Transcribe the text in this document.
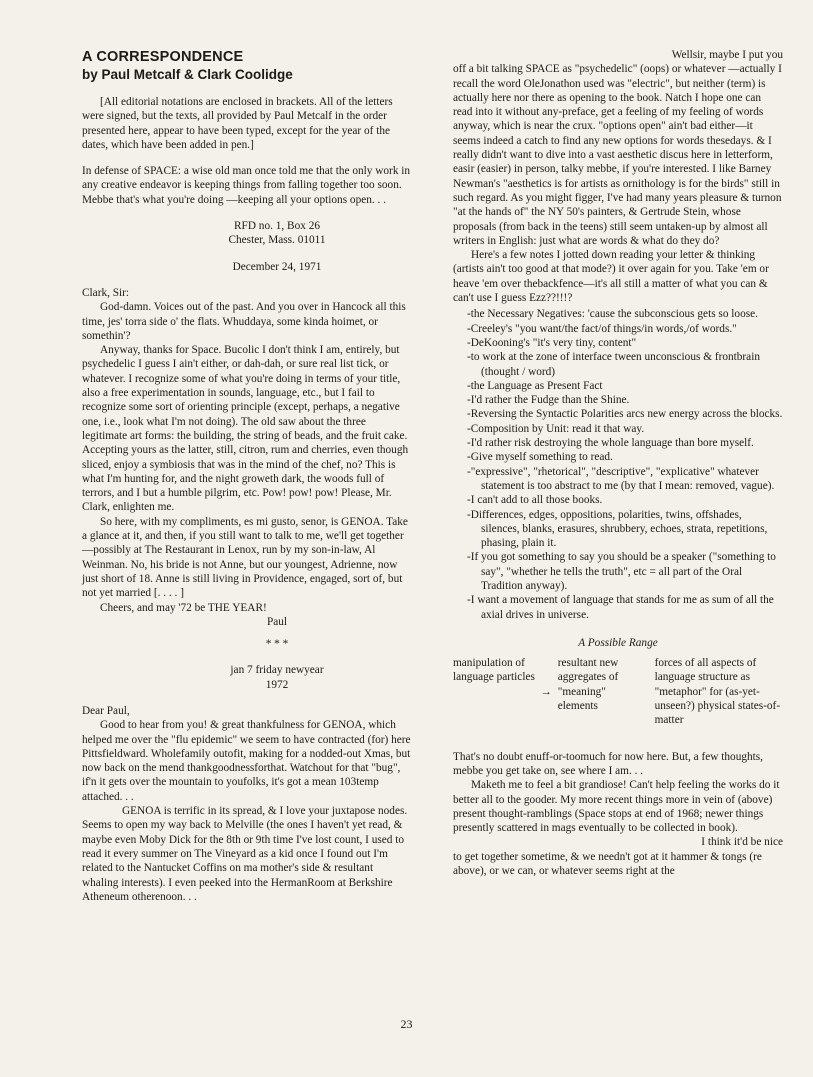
A CORRESPONDENCE
by Paul Metcalf & Clark Coolidge

[All editorial notations are enclosed in brackets. All of the letters were signed, but the texts, all provided by Paul Metcalf in the order presented here, appear to have been typed, except for the year of the dates, which have been added in pen.]

In defense of SPACE: a wise old man once told me that the only work in any creative endeavor is keeping things from falling together too soon. Mebbe that's what you're doing —keeping all your options open. . .

RFD no. 1, Box 26

Chester, Mass. 01011

December 24, 1971

Clark, Sir:

God-damn. Voices out of the past. And you over in Hancock all this time, jes' torra side o' the flats. Whuddaya, some kinda hoimet, or somethin'?

Anyway, thanks for Space. Bucolic I don't think I am, entirely, but psychedelic I guess I ain't either, or dah-dah, or sure real list tick, or whatever. I recognize some of what you're doing in terms of your title, also a free experimentation in sounds, language, etc., but I fail to recognize some sort of orienting principle (except, perhaps, a negative one, i.e., look what I'm not doing). The old saw about the three legitimate art forms: the building, the string of beads, and the fruit cake. Accepting yours as the latter, still, citron, rum and cherries, even though sliced, enjoy a symbiosis that was in the mind of the chef, no? This is what I'm hunting for, and the night groweth dark, the woods full of terrors, and I but a humble pilgrim, etc. Pow! pow! pow! Please, Mr. Clark, enlighten me.

So here, with my compliments, es mi gusto, senor, is GENOA. Take a glance at it, and then, if you still want to talk to me, we'll get together—possibly at The Restaurant in Lenox, run by my son-in-law, Al Weinman. No, his bride is not Anne, but our youngest, Adrienne, now just short of 18. Anne is still living in Providence, engaged, sort of, but not yet married [. . . . ]

Cheers, and may '72 be THE YEAR!

Paul

* * *

jan 7 friday newyear

1972

Dear Paul,

Good to hear from you! & great thankfulness for GENOA, which helped me over the "flu epidemic" we seem to have contracted (for) here Pittsfieldward. Wholefamily outofit, making for a nodded-out Xmas, but now back on the mend thankgoodnessforthat. Watchout for that "bug", if'n it gets over the mountain to youfolks, it's got a mean 103temp attached. . .

GENOA is terrific in its spread, & I love your juxtapose nodes. Seems to open my way back to Melville (the ones I haven't yet read, & maybe even Moby Dick for the 8th or 9th time I've lost count, I used to read it every summer on The Vineyard as a kid once I found out I'm related to the Nantucket Coffins on ma mother's side & resultant whaling interests). I even peeked into the HermanRoom at Berkshire Atheneum otherenoon. . .

Wellsir, maybe I put you

off a bit talking SPACE as "psychedelic" (oops) or whatever —actually I recall the word OleJonathon used was "electric", but neither (term) is actually here nor there as opening to the book. Natch I hope one can read into it without any-preface, get a feeling of my feeling of words anyway, which is near the crux. "options open" ain't bad either—it seems indeed a catch to find any new options for words thesedays. & I really didn't want to dive into a vast aesthetic discus here in letterform, easir (easier) in person, talky mebbe, if you're interested. I like Barney Newman's "aesthetics is for artists as ornithology is for the birds" still in such regard. As you might figger, I've had many years pleasure & turnon "at the hands of" the NY 50's painters, & Gertrude Stein, whose proposals (from back in the teens) still seem untaken-up by almost all writers in English: just what are words & what do they do?

Here's a few notes I jotted down reading your letter & thinking (artists ain't too good at that mode?) it over again for you. Take 'em or heave 'em over thebackfence—it's all still a matter of what you can & can't use I guess Ezz??!!!?

-the Necessary Negatives: 'cause the subconscious gets so loose.

-Creeley's "you want/the fact/of things/in words,/of words."

-DeKooning's "it's very tiny, content"

-to work at the zone of interface tween unconscious & frontbrain (thought / word)

-the Language as Present Fact

-I'd rather the Fudge than the Shine.

-Reversing the Syntactic Polarities arcs new energy across the blocks.

-Composition by Unit: read it that way.

-I'd rather risk destroying the whole language than bore myself.

-Give myself something to read.

-"expressive", "rhetorical", "descriptive", "explicative" whatever statement is too abstract to me (by that I mean: removed, vague).

-I can't add to all those books.

-Differences, edges, oppositions, polarities, twins, offshades, silences, blanks, erasures, shrubbery, echoes, strata, repetitions, phasing, plain it.

-If you got something to say you should be a speaker ("something to say", "whether he tells the truth", etc = all part of the Oral Tradition anyway).

-I want a movement of language that stands for me as sum of all the axial drives in universe.

A Possible Range
manipulation of language particles
→
resultant new aggregates of "meaning" elements
forces of all aspects of language structure as "metaphor" for (as-yet-unseen?) physical states-of-matter

That's no doubt enuff-or-toomuch for now here. But, a few thoughts, mebbe you get take on, see where I am. . .

Maketh me to feel a bit grandiose! Can't help feeling the works do it better all to the gooder. My more recent things more in vein of (above) present thought-ramblings (Space stops at end of 1968; newer things presently scattered in mags eventually to be collected in book).

I think it'd be nice

to get together sometime, & we needn't got at it hammer & tongs (re above), or we can, or whatever seems right at the

23
